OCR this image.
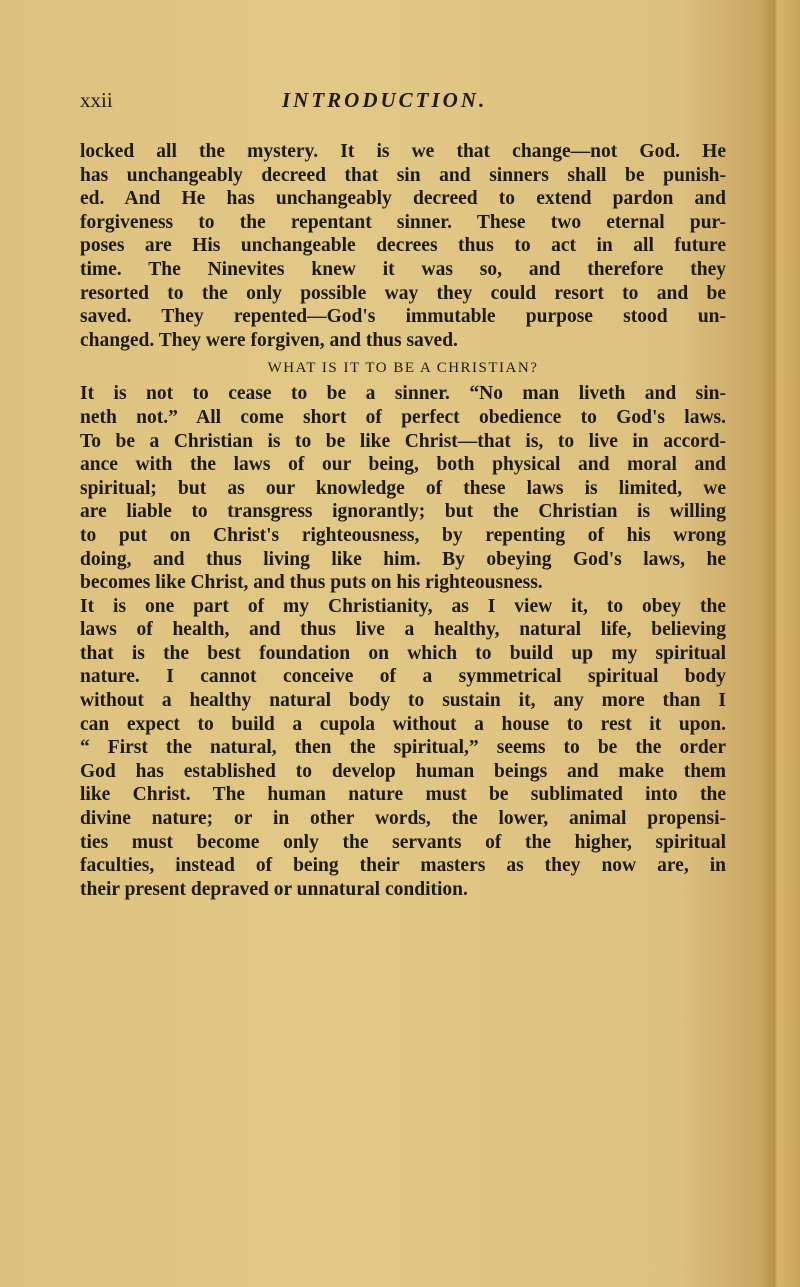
xxii	INTRODUCTION.
locked all the mystery. It is we that change—not God. He
has unchangeably decreed that sin and sinners shall be punish-
ed. And He has unchangeably decreed to extend pardon and
forgiveness to the repentant sinner. These two eternal pur-
poses are His unchangeable decrees thus to act in all future
time. The Ninevites knew it was so, and therefore they
resorted to the only possible way they could resort to and be
saved. They repented—God's immutable purpose stood un-
changed. They were forgiven, and thus saved.
WHAT IS IT TO BE A CHRISTIAN?
It is not to cease to be a sinner. “No man liveth and sin-
neth not.” All come short of perfect obedience to God's laws.
To be a Christian is to be like Christ—that is, to live in accord-
ance with the laws of our being, both physical and moral and
spiritual; but as our knowledge of these laws is limited, we
are liable to transgress ignorantly; but the Christian is willing
to put on Christ's righteousness, by repenting of his wrong
doing, and thus living like him. By obeying God's laws, he
becomes like Christ, and thus puts on his righteousness.
It is one part of my Christianity, as I view it, to obey the
laws of health, and thus live a healthy, natural life, believing
that is the best foundation on which to build up my spiritual
nature. I cannot conceive of a symmetrical spiritual body
without a healthy natural body to sustain it, any more than I
can expect to build a cupola without a house to rest it upon.
“ First the natural, then the spiritual,” seems to be the order
God has established to develop human beings and make them
like Christ. The human nature must be sublimated into the
divine nature; or in other words, the lower, animal propensi-
ties must become only the servants of the higher, spiritual
faculties, instead of being their masters as they now are, in
their present depraved or unnatural condition.
